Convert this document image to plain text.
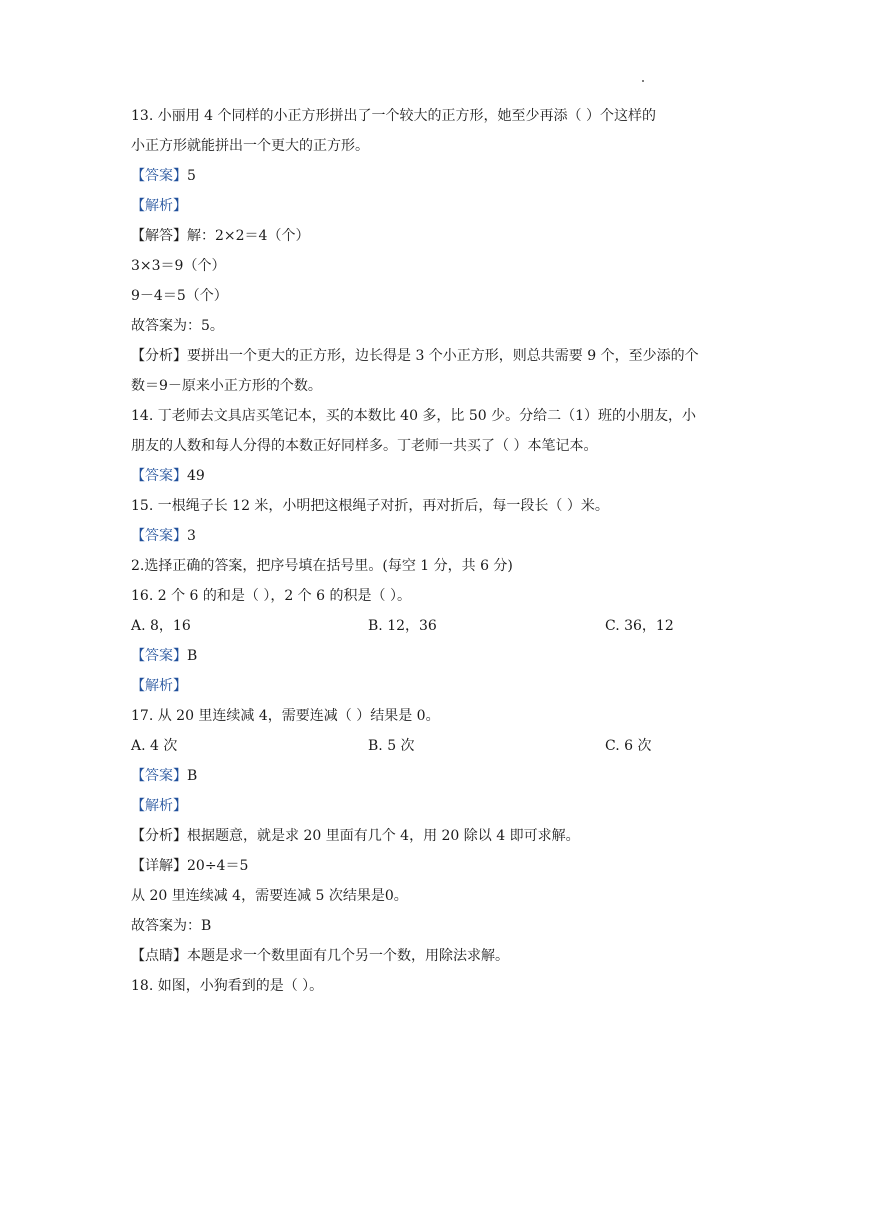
13. 小丽用 4 个同样的小正方形拼出了一个较大的正方形，她至少再添（ ）个这样的
小正方形就能拼出一个更大的正方形。
【答案】5
【解析】
【解答】解：2×2＝4（个）
3×3＝9（个）
9－4＝5（个）
故答案为：5。
【分析】要拼出一个更大的正方形，边长得是 3 个小正方形，则总共需要 9 个，至少添的个
数＝9－原来小正方形的个数。
14. 丁老师去文具店买笔记本，买的本数比 40 多，比 50 少。分给二（1）班的小朋友，小
朋友的人数和每人分得的本数正好同样多。丁老师一共买了（ ）本笔记本。
【答案】49
15. 一根绳子长 12 米，小明把这根绳子对折，再对折后，每一段长（ ）米。
【答案】3
2.选择正确的答案，把序号填在括号里。(每空 1 分，共 6 分)
16. 2 个 6 的和是（ ），2 个 6 的积是（ ）。
A. 8，16	B. 12，36	C. 36，12
【答案】B
【解析】
17. 从 20 里连续减 4，需要连减（ ）结果是 0。
A. 4 次	B. 5 次	C. 6 次
【答案】B
【解析】
【分析】根据题意，就是求 20 里面有几个 4，用 20 除以 4 即可求解。
【详解】20÷4＝5
从 20 里连续减 4，需要连减 5 次结果是0。
故答案为：B
【点睛】本题是求一个数里面有几个另一个数，用除法求解。
18. 如图，小狗看到的是（ ）。
